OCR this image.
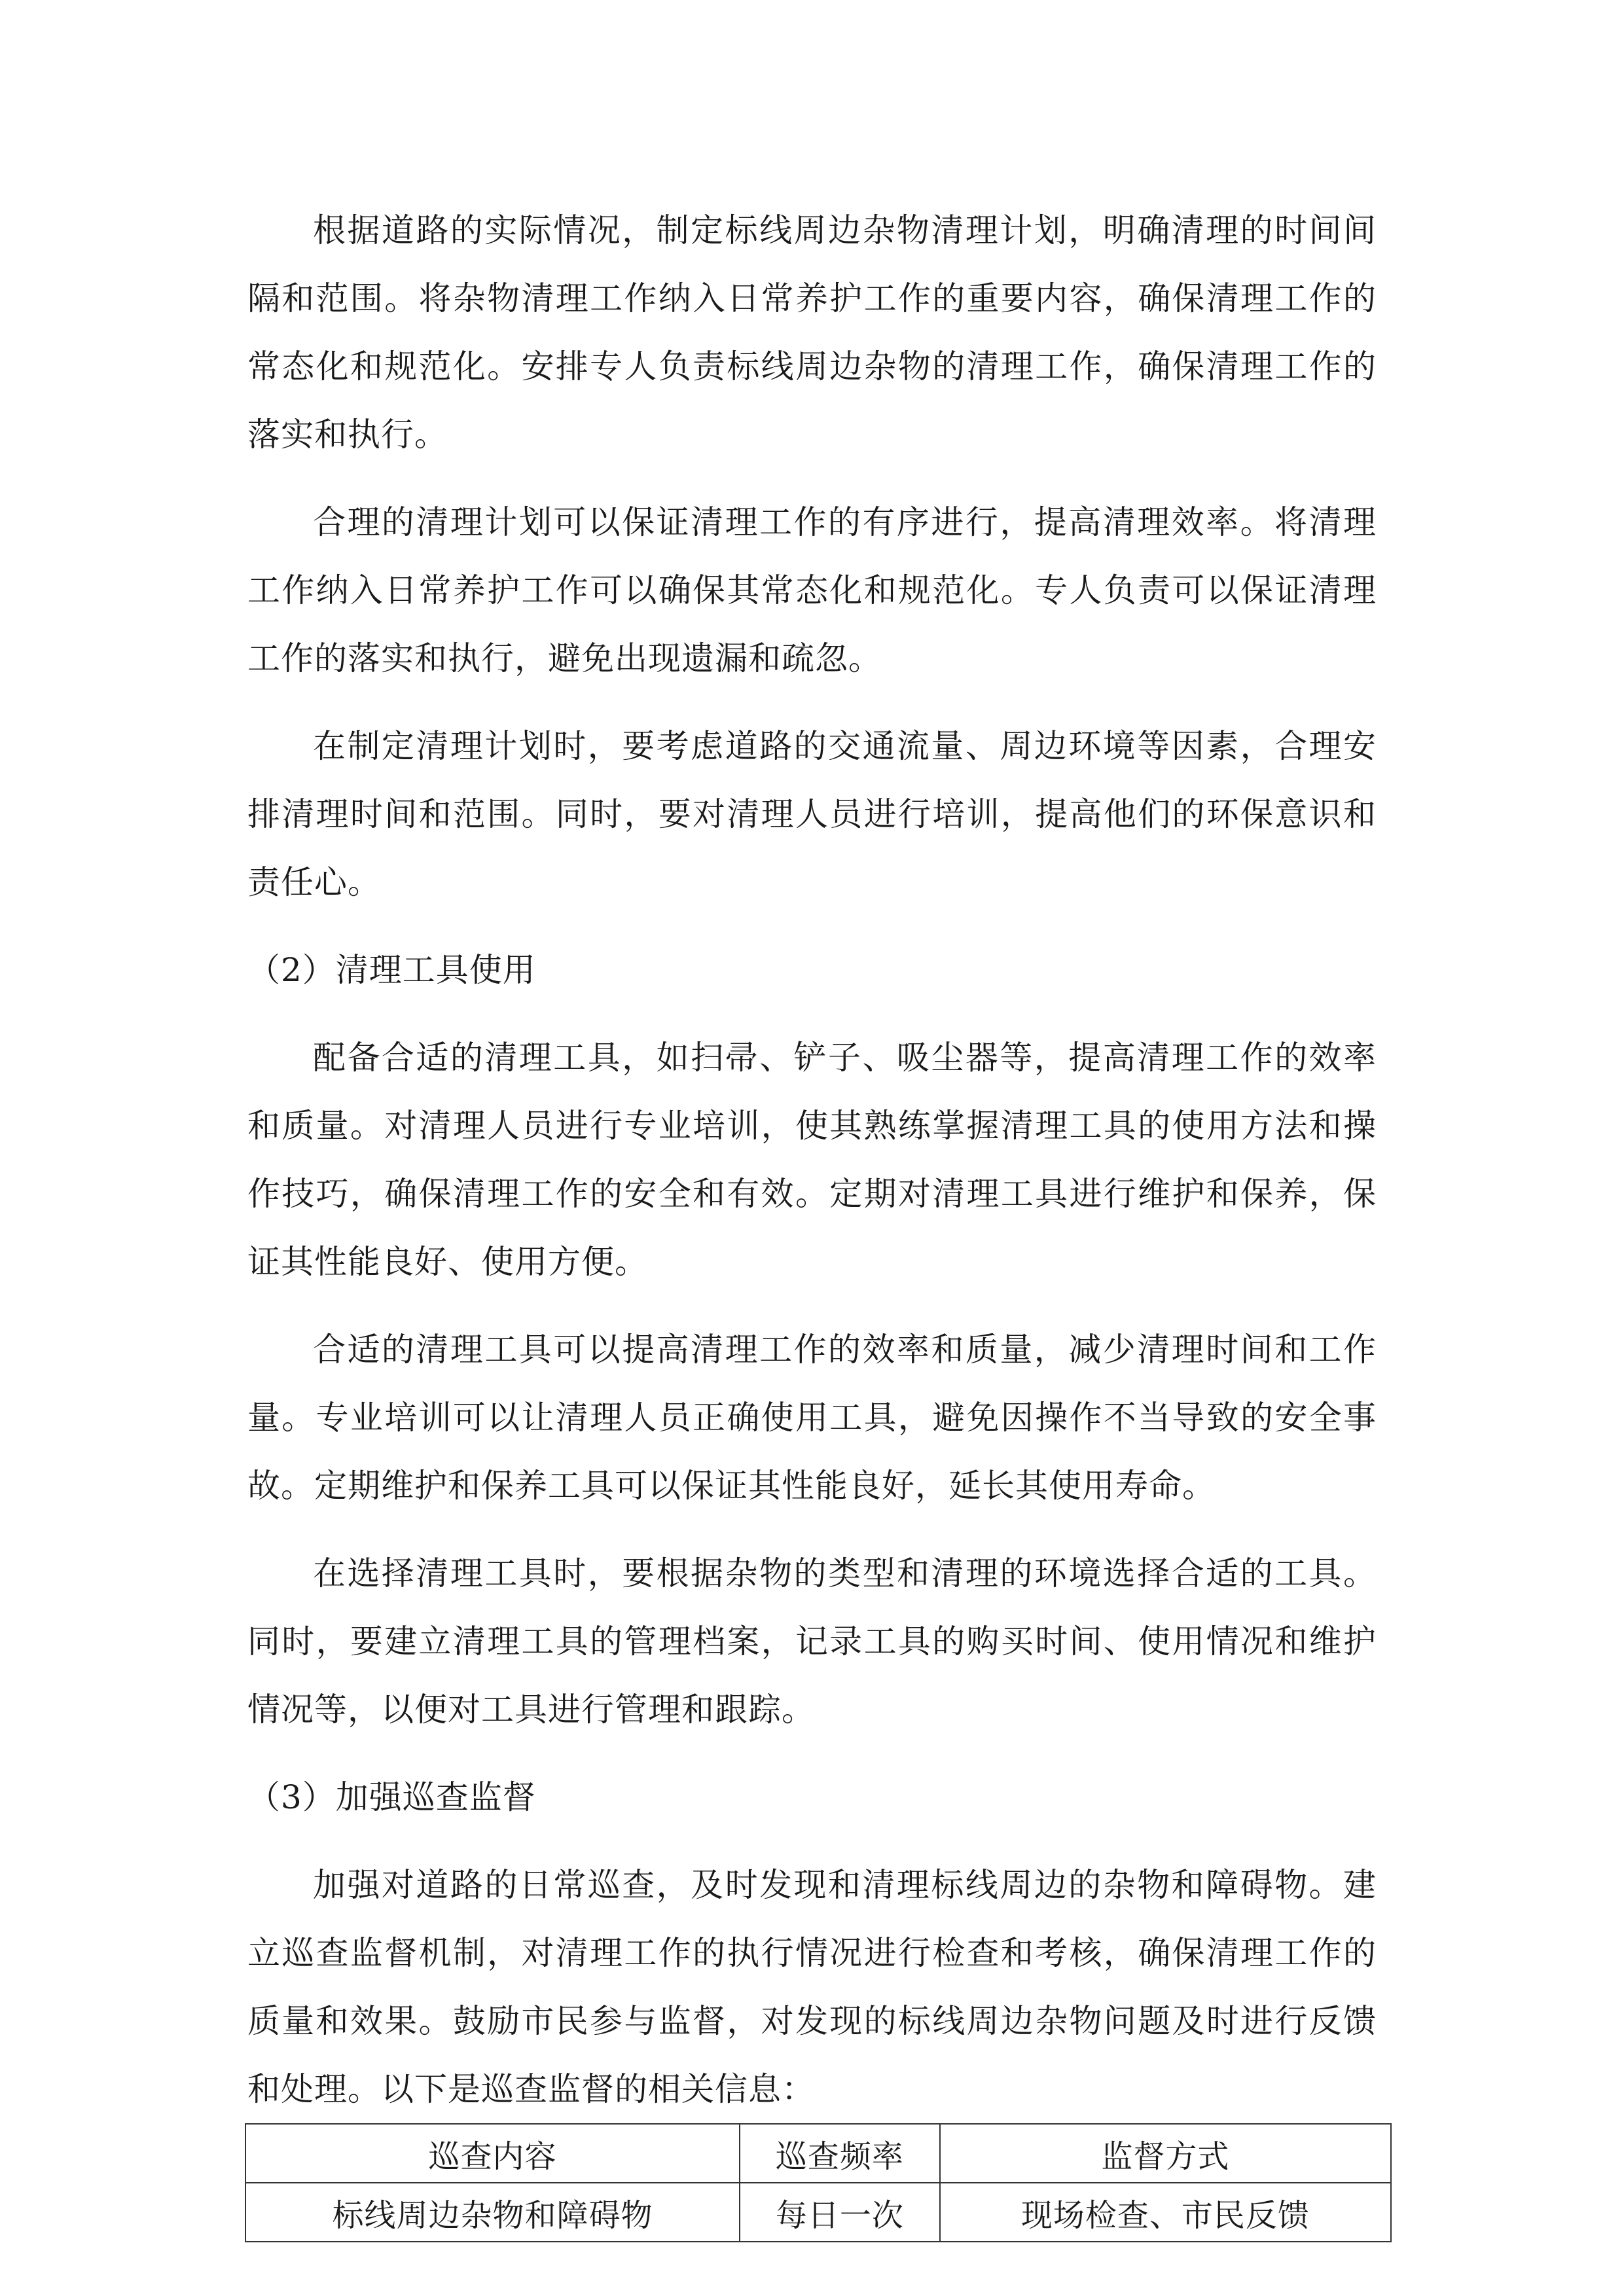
根据道路的实际情况，制定标线周边杂物清理计划，明确清理的时间间隔和范围。将杂物清理工作纳入日常养护工作的重要内容，确保清理工作的常态化和规范化。安排专人负责标线周边杂物的清理工作，确保清理工作的落实和执行。

合理的清理计划可以保证清理工作的有序进行，提高清理效率。将清理工作纳入日常养护工作可以确保其常态化和规范化。专人负责可以保证清理工作的落实和执行，避免出现遗漏和疏忽。

在制定清理计划时，要考虑道路的交通流量、周边环境等因素，合理安排清理时间和范围。同时，要对清理人员进行培训，提高他们的环保意识和责任心。

（2）清理工具使用

配备合适的清理工具，如扫帚、铲子、吸尘器等，提高清理工作的效率和质量。对清理人员进行专业培训，使其熟练掌握清理工具的使用方法和操作技巧，确保清理工作的安全和有效。定期对清理工具进行维护和保养，保证其性能良好、使用方便。

合适的清理工具可以提高清理工作的效率和质量，减少清理时间和工作量。专业培训可以让清理人员正确使用工具，避免因操作不当导致的安全事故。定期维护和保养工具可以保证其性能良好，延长其使用寿命。

在选择清理工具时，要根据杂物的类型和清理的环境选择合适的工具。同时，要建立清理工具的管理档案，记录工具的购买时间、使用情况和维护情况等，以便对工具进行管理和跟踪。

（3）加强巡查监督

加强对道路的日常巡查，及时发现和清理标线周边的杂物和障碍物。建立巡查监督机制，对清理工作的执行情况进行检查和考核，确保清理工作的质量和效果。鼓励市民参与监督，对发现的标线周边杂物问题及时进行反馈和处理。以下是巡查监督的相关信息：

巡查内容	巡查频率	监督方式
标线周边杂物和障碍物	每日一次	现场检查、市民反馈
